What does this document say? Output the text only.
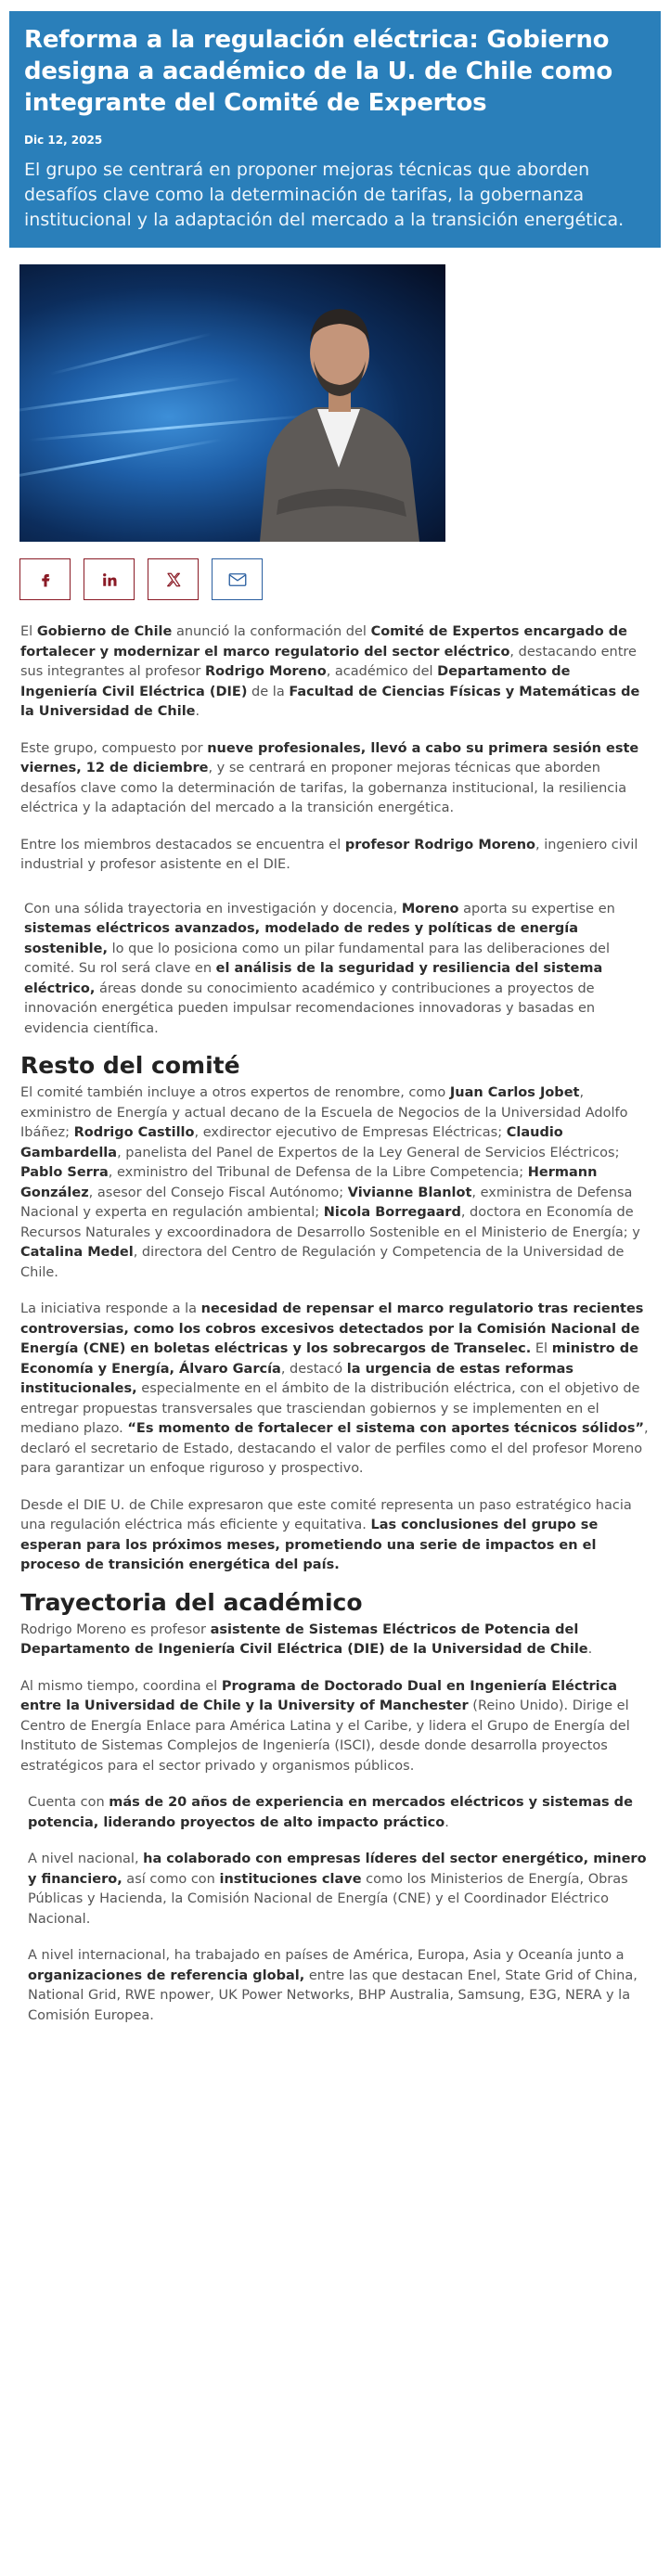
Reforma a la regulación eléctrica: Gobierno designa a académico de la U. de Chile como integrante del Comité de Expertos
Dic 12, 2025

El grupo se centrará en proponer mejoras técnicas que aborden desafíos clave como la determinación de tarifas, la gobernanza institucional y la adaptación del mercado a la transición energética.

El Gobierno de Chile anunció la conformación del Comité de Expertos encargado de fortalecer y modernizar el marco regulatorio del sector eléctrico, destacando entre sus integrantes al profesor Rodrigo Moreno, académico del Departamento de Ingeniería Civil Eléctrica (DIE) de la Facultad de Ciencias Físicas y Matemáticas de la Universidad de Chile.

Este grupo, compuesto por nueve profesionales, llevó a cabo su primera sesión este viernes, 12 de diciembre, y se centrará en proponer mejoras técnicas que aborden desafíos clave como la determinación de tarifas, la gobernanza institucional, la resiliencia eléctrica y la adaptación del mercado a la transición energética.

Entre los miembros destacados se encuentra el profesor Rodrigo Moreno, ingeniero civil industrial y profesor asistente en el DIE.

Con una sólida trayectoria en investigación y docencia, Moreno aporta su expertise en sistemas eléctricos avanzados, modelado de redes y políticas de energía sostenible, lo que lo posiciona como un pilar fundamental para las deliberaciones del comité. Su rol será clave en el análisis de la seguridad y resiliencia del sistema eléctrico, áreas donde su conocimiento académico y contribuciones a proyectos de innovación energética pueden impulsar recomendaciones innovadoras y basadas en evidencia científica.

Resto del comité

El comité también incluye a otros expertos de renombre, como Juan Carlos Jobet, exministro de Energía y actual decano de la Escuela de Negocios de la Universidad Adolfo Ibáñez; Rodrigo Castillo, exdirector ejecutivo de Empresas Eléctricas; Claudio Gambardella, panelista del Panel de Expertos de la Ley General de Servicios Eléctricos; Pablo Serra, exministro del Tribunal de Defensa de la Libre Competencia; Hermann González, asesor del Consejo Fiscal Autónomo; Vivianne Blanlot, exministra de Defensa Nacional y experta en regulación ambiental; Nicola Borregaard, doctora en Economía de Recursos Naturales y excoordinadora de Desarrollo Sostenible en el Ministerio de Energía; y Catalina Medel, directora del Centro de Regulación y Competencia de la Universidad de Chile.

La iniciativa responde a la necesidad de repensar el marco regulatorio tras recientes controversias, como los cobros excesivos detectados por la Comisión Nacional de Energía (CNE) en boletas eléctricas y los sobrecargos de Transelec. El ministro de Economía y Energía, Álvaro García, destacó la urgencia de estas reformas institucionales, especialmente en el ámbito de la distribución eléctrica, con el objetivo de entregar propuestas transversales que trasciendan gobiernos y se implementen en el mediano plazo. “Es momento de fortalecer el sistema con aportes técnicos sólidos”, declaró el secretario de Estado, destacando el valor de perfiles como el del profesor Moreno para garantizar un enfoque riguroso y prospectivo.

Desde el DIE U. de Chile expresaron que este comité representa un paso estratégico hacia una regulación eléctrica más eficiente y equitativa. Las conclusiones del grupo se esperan para los próximos meses, prometiendo una serie de impactos en el proceso de transición energética del país.

Trayectoria del académico

Rodrigo Moreno es profesor asistente de Sistemas Eléctricos de Potencia del Departamento de Ingeniería Civil Eléctrica (DIE) de la Universidad de Chile.

Al mismo tiempo, coordina el Programa de Doctorado Dual en Ingeniería Eléctrica entre la Universidad de Chile y la University of Manchester (Reino Unido). Dirige el Centro de Energía Enlace para América Latina y el Caribe, y lidera el Grupo de Energía del Instituto de Sistemas Complejos de Ingeniería (ISCI), desde donde desarrolla proyectos estratégicos para el sector privado y organismos públicos.

Cuenta con más de 20 años de experiencia en mercados eléctricos y sistemas de potencia, liderando proyectos de alto impacto práctico.

A nivel nacional, ha colaborado con empresas líderes del sector energético, minero y financiero, así como con instituciones clave como los Ministerios de Energía, Obras Públicas y Hacienda, la Comisión Nacional de Energía (CNE) y el Coordinador Eléctrico Nacional.

A nivel internacional, ha trabajado en países de América, Europa, Asia y Oceanía junto a organizaciones de referencia global, entre las que destacan Enel, State Grid of China, National Grid, RWE npower, UK Power Networks, BHP Australia, Samsung, E3G, NERA y la Comisión Europea.
